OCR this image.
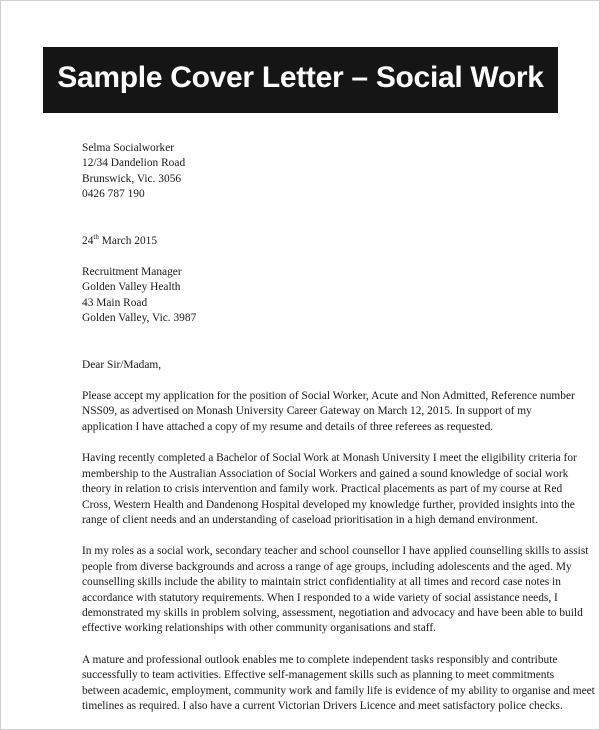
Sample Cover Letter – Social Work
Selma Socialworker
12/34 Dandelion Road
Brunswick, Vic. 3056
0426 787 190
24th March 2015
Recruitment Manager
Golden Valley Health
43 Main Road
Golden Valley, Vic. 3987
Dear Sir/Madam,
Please accept my application for the position of Social Worker, Acute and Non Admitted, Reference number
NSS09, as advertised on Monash University Career Gateway on March 12, 2015. In support of my
application I have attached a copy of my resume and details of three referees as requested.
Having recently completed a Bachelor of Social Work at Monash University I meet the eligibility criteria for
membership to the Australian Association of Social Workers and gained a sound knowledge of social work
theory in relation to crisis intervention and family work. Practical placements as part of my course at Red
Cross, Western Health and Dandenong Hospital developed my knowledge further, provided insights into the
range of client needs and an understanding of caseload prioritisation in a high demand environment.
In my roles as a social work, secondary teacher and school counsellor I have applied counselling skills to assist
people from diverse backgrounds and across a range of age groups, including adolescents and the aged. My
counselling skills include the ability to maintain strict confidentiality at all times and record case notes in
accordance with statutory requirements. When I responded to a wide variety of social assistance needs, I
demonstrated my skills in problem solving, assessment, negotiation and advocacy and have been able to build
effective working relationships with other community organisations and staff.
A mature and professional outlook enables me to complete independent tasks responsibly and contribute
successfully to team activities. Effective self-management skills such as planning to meet commitments
between academic, employment, community work and family life is evidence of my ability to organise and meet
timelines as required. I also have a current Victorian Drivers Licence and meet satisfactory police checks.
